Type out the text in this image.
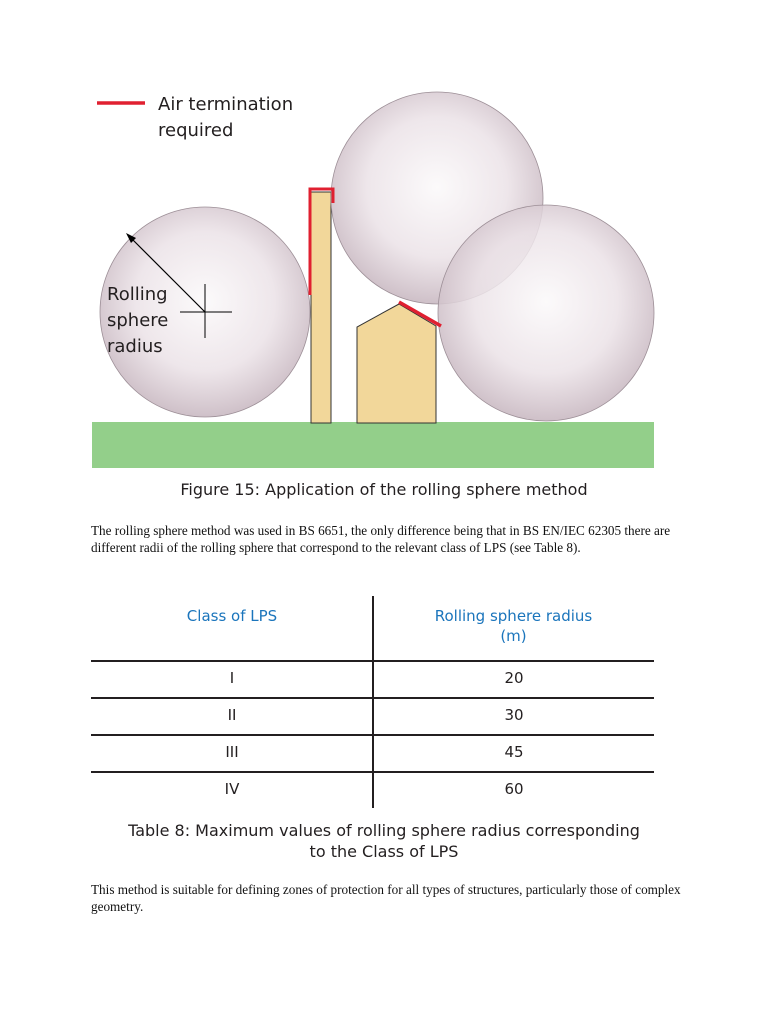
Air termination
required
Rolling
sphere
radius
Figure 15: Application of the rolling sphere method
The rolling sphere method was used in BS 6651, the only difference being that in BS EN/IEC 62305 there are different radii of the rolling sphere that correspond to the relevant class of LPS (see Table 8).
Class of LPS	Rolling sphere radius
(m)
I	20
II	30
III	45
IV	60
Table 8: Maximum values of rolling sphere radius corresponding
to the Class of LPS
This method is suitable for defining zones of protection for all types of structures, particularly those of complex geometry.
